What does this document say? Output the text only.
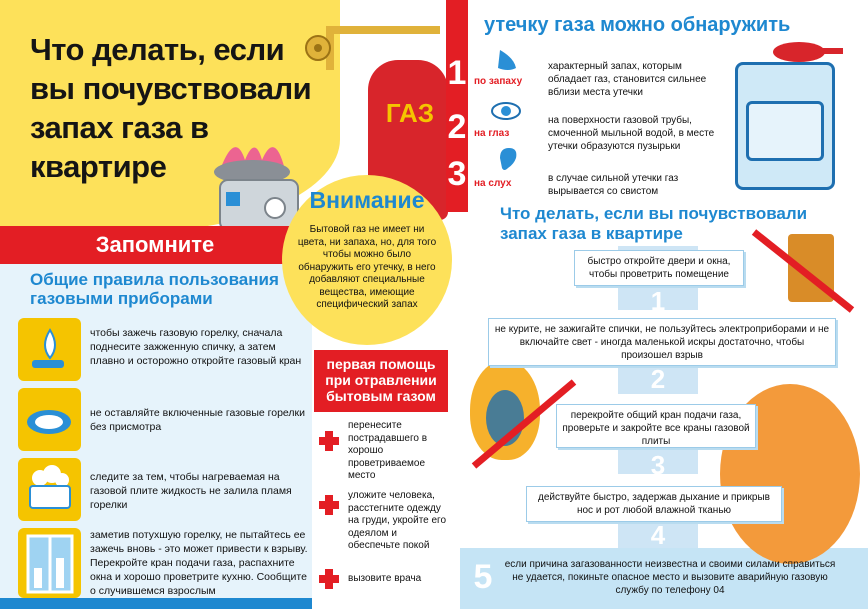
Что делать, если вы почувствовали запах газа в квартире
ГАЗ
Запомните
Общие правила пользования газовыми приборами
чтобы зажечь газовую горелку, сначала поднесите зажженную спичку, а затем плавно и осторожно откройте газовый кран
не оставляйте включенные газовые горелки без присмотра
следите за тем, чтобы нагреваемая на газовой плите жидкость не залила пламя горелки
заметив потухшую горелку, не пытайтесь ее зажечь вновь - это может привести к взрыву. Перекройте кран подачи газа, распахните окна и хорошо проветрите кухню. Сообщите о случившемся взрослым
Внимание
Бытовой газ не имеет ни цвета, ни запаха, но, для того чтобы можно было обнаружить его утечку, в него добавляют специальные вещества, имеющие специфический запах
первая помощь при отравлении бытовым газом
перенесите пострадавшего в хорошо проветриваемое место
уложите человека, расстегните одежду на груди, укройте его одеялом и обеспечьте покой
вызовите врача
1
2
3
утечку газа можно обнаружить
по запаху
характерный запах, которым обладает газ, становится сильнее вблизи места утечки
на глаз
на поверхности газовой трубы, смоченной мыльной водой, в месте утечки образуются пузырьки
на слух	в случае сильной утечки газ вырывается со свистом
Что делать, если вы почувствовали запах газа в квартире
быстро откройте двери и окна, чтобы проветрить помещение
1
не курите, не зажигайте спички, не пользуйтесь электроприборами и не включайте свет - иногда маленькой искры достаточно, чтобы произошел взрыв
2
перекройте общий кран подачи газа, проверьте и закройте все краны газовой плиты
3
действуйте быстро, задержав дыхание и прикрыв нос и рот любой влажной тканью
4
5	если причина загазованности неизвестна и своими силами справиться не удается, покиньте опасное место и вызовите аварийную газовую службу по телефону 04
